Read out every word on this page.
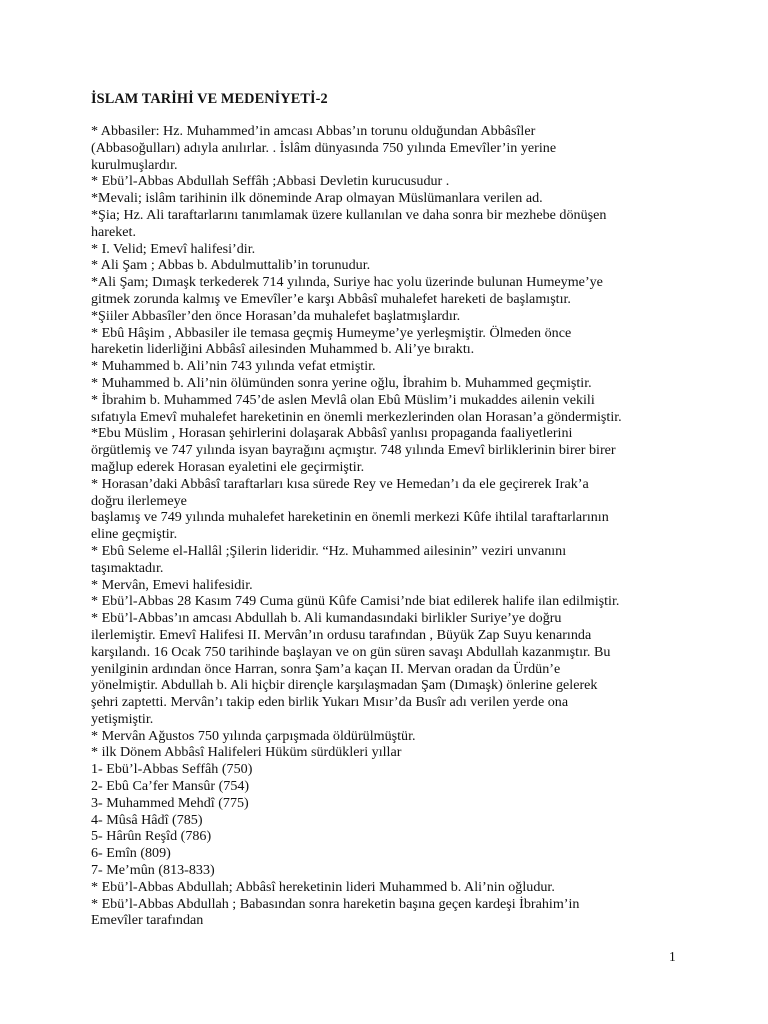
İSLAM TARİHİ VE MEDENİYETİ-2
* Abbasiler: Hz. Muhammed’in amcası Abbas’ın torunu olduğundan Abbâsîler
(Abbasoğulları) adıyla anılırlar. . İslâm dünyasında 750 yılında Emevîler’in yerine
kurulmuşlardır.
* Ebü’l-Abbas Abdullah Seffâh ;Abbasi Devletin kurucusudur .
*Mevali; islâm tarihinin ilk döneminde Arap olmayan Müslümanlara verilen ad.
*Şia; Hz. Ali taraftarlarını tanımlamak üzere kullanılan ve daha sonra bir mezhebe dönüşen
hareket.
* I. Velid; Emevî halifesi’dir.
* Ali Şam ; Abbas b. Abdulmuttalib’in torunudur.
*Ali Şam; Dımaşk terkederek 714 yılında, Suriye hac yolu üzerinde bulunan Humeyme’ye
gitmek zorunda kalmış ve Emevîler’e karşı Abbâsî muhalefet hareketi de başlamıştır.
*Şiiler Abbasîler’den önce Horasan’da muhalefet başlatmışlardır.
* Ebû Hâşim , Abbasiler ile temasa geçmiş Humeyme’ye yerleşmiştir. Ölmeden önce
hareketin liderliğini Abbâsî ailesinden Muhammed b. Ali’ye bıraktı.
* Muhammed b. Ali’nin 743 yılında vefat etmiştir.
* Muhammed b. Ali’nin ölümünden sonra yerine oğlu, İbrahim b. Muhammed geçmiştir.
* İbrahim b. Muhammed 745’de aslen Mevlâ olan Ebû Müslim’i mukaddes ailenin vekili
sıfatıyla Emevî muhalefet hareketinin en önemli merkezlerinden olan Horasan’a göndermiştir.
*Ebu Müslim , Horasan şehirlerini dolaşarak Abbâsî yanlısı propaganda faaliyetlerini
örgütlemiş ve 747 yılında isyan bayrağını açmıştır. 748 yılında Emevî birliklerinin birer birer
mağlup ederek Horasan eyaletini ele geçirmiştir.
* Horasan’daki Abbâsî taraftarları kısa sürede Rey ve Hemedan’ı da ele geçirerek Irak’a
doğru ilerlemeye
başlamış ve 749 yılında muhalefet hareketinin en önemli merkezi Kûfe ihtilal taraftarlarının
eline geçmiştir.
* Ebû Seleme el-Hallâl ;Şilerin lideridir. “Hz. Muhammed ailesinin” veziri unvanını
taşımaktadır.
* Mervân, Emevi halifesidir.
* Ebü’l-Abbas 28 Kasım 749 Cuma günü Kûfe Camisi’nde biat edilerek halife ilan edilmiştir.
* Ebü’l-Abbas’ın amcası Abdullah b. Ali kumandasındaki birlikler Suriye’ye doğru
ilerlemiştir. Emevî Halifesi II. Mervân’ın ordusu tarafından , Büyük Zap Suyu kenarında
karşılandı. 16 Ocak 750 tarihinde başlayan ve on gün süren savaşı Abdullah kazanmıştır. Bu
yenilginin ardından önce Harran, sonra Şam’a kaçan II. Mervan oradan da Ürdün’e
yönelmiştir. Abdullah b. Ali hiçbir dirençle karşılaşmadan Şam (Dımaşk) önlerine gelerek
şehri zaptetti. Mervân’ı takip eden birlik Yukarı Mısır’da Busîr adı verilen yerde ona
yetişmiştir.
* Mervân Ağustos 750 yılında çarpışmada öldürülmüştür.
* ilk Dönem Abbâsî Halifeleri Hüküm sürdükleri yıllar
1- Ebü’l-Abbas Seffâh (750)
2- Ebû Ca’fer Mansûr (754)
3- Muhammed Mehdî (775)
4- Mûsâ Hâdî (785)
5- Hârûn Reşîd (786)
6- Emîn (809)
7- Me’mûn (813-833)
* Ebü’l-Abbas Abdullah; Abbâsî hereketinin lideri Muhammed b. Ali’nin oğludur.
* Ebü’l-Abbas Abdullah ; Babasından sonra hareketin başına geçen kardeşi İbrahim’in
Emevîler tarafından
1
